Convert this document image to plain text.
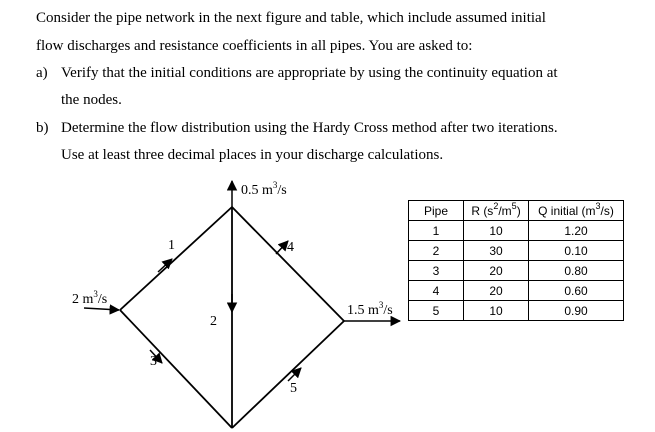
Consider the pipe network in the next figure and table, which include assumed initial
flow discharges and resistance coefficients in all pipes. You are asked to:
a) Verify that the initial conditions are appropriate by using the continuity equation at
the nodes.
b) Determine the flow distribution using the Hardy Cross method after two iterations.
Use at least three decimal places in your discharge calculations.
0.5 $m^3/s$
2 $m^3/s$
1.5 $m^3/s$
1
2
3
4
5
Pipe	R $(s^2/m^5)$	Q initial $(m^3/s)$
1	10	1.20
2	30	0.10
3	20	0.80
4	20	0.60
5	10	0.90
